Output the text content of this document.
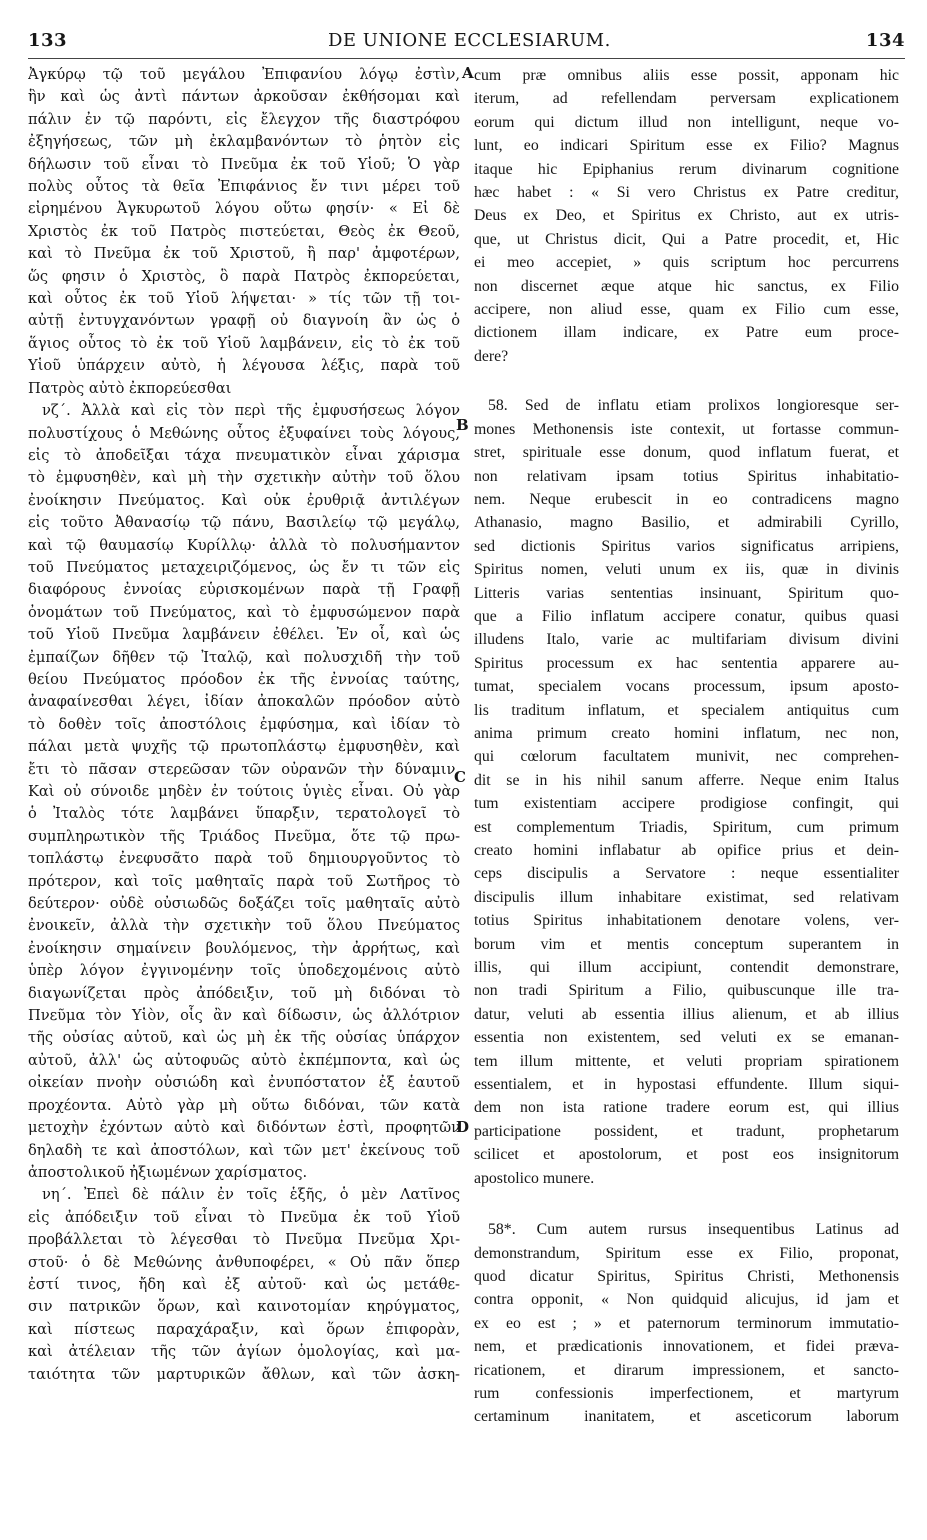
133	DE UNIONE ECCLESIARUM.	134
A
B
C
D
Ἀγκύρῳ τῷ τοῦ μεγάλου Ἐπιφανίου λόγῳ ἐστὶν,
ἣν καὶ ὡς ἀντὶ πάντων ἀρκοῦσαν ἐκθήσομαι καὶ
πάλιν ἐν τῷ παρόντι, εἰς ἔλεγχον τῆς διαστρόφου
ἐξηγήσεως, τῶν μὴ ἐκλαμβανόντων τὸ ῥητὸν εἰς
δήλωσιν τοῦ εἶναι τὸ Πνεῦμα ἐκ τοῦ Υἱοῦ; Ὁ γὰρ
πολὺς οὗτος τὰ θεῖα Ἐπιφάνιος ἔν τινι μέρει τοῦ
εἰρημένου Ἀγκυρωτοῦ λόγου οὕτω φησίν· « Εἰ δὲ
Χριστὸς ἐκ τοῦ Πατρὸς πιστεύεται, Θεὸς ἐκ Θεοῦ,
καὶ τὸ Πνεῦμα ἐκ τοῦ Χριστοῦ, ἢ παρ' ἀμφοτέρων,
ὥς φησιν ὁ Χριστὸς, ὃ παρὰ Πατρὸς ἐκπορεύεται,
καὶ οὗτος ἐκ τοῦ Υἱοῦ λήψεται· » τίς τῶν τῇ τοι-
αὐτῇ ἐντυγχανόντων γραφῇ οὐ διαγνοίη ἂν ὡς ὁ
ἅγιος οὗτος τὸ ἐκ τοῦ Υἱοῦ λαμβάνειν, εἰς τὸ ἐκ τοῦ
Υἱοῦ ὑπάρχειν αὐτὸ, ἡ λέγουσα λέξις, παρὰ τοῦ
Πατρὸς αὐτὸ ἐκπορεύεσθαι
νζ΄. Ἀλλὰ καὶ εἰς τὸν περὶ τῆς ἐμφυσήσεως λόγον
πολυστίχους ὁ Μεθώνης οὗτος ἐξυφαίνει τοὺς λόγους,
εἰς τὸ ἀποδεῖξαι τάχα πνευματικὸν εἶναι χάρισμα
τὸ ἐμφυσηθὲν, καὶ μὴ τὴν σχετικὴν αὐτὴν τοῦ ὅλου
ἐνοίκησιν Πνεύματος. Καὶ οὐκ ἐρυθριᾷ ἀντιλέγων
εἰς τοῦτο Ἀθανασίῳ τῷ πάνυ, Βασιλείῳ τῷ μεγάλῳ,
καὶ τῷ θαυμασίῳ Κυρίλλῳ· ἀλλὰ τὸ πολυσήμαντον
τοῦ Πνεύματος μεταχειριζόμενος, ὡς ἔν τι τῶν εἰς
διαφόρους ἐννοίας εὑρισκομένων παρὰ τῇ Γραφῇ
ὀνομάτων τοῦ Πνεύματος, καὶ τὸ ἐμφυσώμενον παρὰ
τοῦ Υἱοῦ Πνεῦμα λαμβάνειν ἐθέλει. Ἐν οἷ, καὶ ὡς
ἐμπαίζων δῆθεν τῷ Ἰταλῷ, καὶ πολυσχιδῆ τὴν τοῦ
θείου Πνεύματος πρόοδον ἐκ τῆς ἐννοίας ταύτης,
ἀναφαίνεσθαι λέγει, ἰδίαν ἀποκαλῶν πρόοδον αὐτὸ
τὸ δοθὲν τοῖς ἀποστόλοις ἐμφύσημα, καὶ ἰδίαν τὸ
πάλαι μετὰ ψυχῆς τῷ πρωτοπλάστῳ ἐμφυσηθὲν, καὶ
ἔτι τὸ πᾶσαν στερεῶσαν τῶν οὐρανῶν τὴν δύναμιν.
Καὶ οὐ σύνοιδε μηδὲν ἐν τούτοις ὑγιὲς εἶναι. Οὐ γὰρ
ὁ Ἰταλὸς τότε λαμβάνει ὕπαρξιν, τερατολογεῖ τὸ
συμπληρωτικὸν τῆς Τριάδος Πνεῦμα, ὅτε τῷ πρω-
τοπλάστῳ ἐνεφυσᾶτο παρὰ τοῦ δημιουργοῦντος τὸ
πρότερον, καὶ τοῖς μαθηταῖς παρὰ τοῦ Σωτῆρος τὸ
δεύτερον· οὐδὲ οὐσιωδῶς δοξάζει τοῖς μαθηταῖς αὐτὸ
ἐνοικεῖν, ἀλλὰ τὴν σχετικὴν τοῦ ὅλου Πνεύματος
ἐνοίκησιν σημαίνειν βουλόμενος, τὴν ἀρρήτως, καὶ
ὑπὲρ λόγον ἐγγινομένην τοῖς ὑποδεχομένοις αὐτὸ
διαγωνίζεται πρὸς ἀπόδειξιν, τοῦ μὴ διδόναι τὸ
Πνεῦμα τὸν Υἱὸν, οἷς ἂν καὶ δίδωσιν, ὡς ἀλλότριον
τῆς οὐσίας αὐτοῦ, καὶ ὡς μὴ ἐκ τῆς οὐσίας ὑπάρχον
αὐτοῦ, ἀλλ' ὡς αὐτοφυῶς αὐτὸ ἐκπέμποντα, καὶ ὡς
οἰκείαν πνοὴν οὐσιώδη καὶ ἐνυπόστατον ἐξ ἑαυτοῦ
προχέοντα. Αὐτὸ γὰρ μὴ οὕτω διδόναι, τῶν κατὰ
μετοχὴν ἐχόντων αὐτὸ καὶ διδόντων ἐστὶ, προφητῶν
δηλαδὴ τε καὶ ἀποστόλων, καὶ τῶν μετ' ἐκείνους τοῦ
ἀποστολικοῦ ἠξιωμένων χαρίσματος.
νη΄. Ἐπεὶ δὲ πάλιν ἐν τοῖς ἑξῆς, ὁ μὲν Λατῖνος
εἰς ἀπόδειξιν τοῦ εἶναι τὸ Πνεῦμα ἐκ τοῦ Υἱοῦ
προβάλλεται τὸ λέγεσθαι τὸ Πνεῦμα Πνεῦμα Χρι-
στοῦ· ὁ δὲ Μεθώνης ἀνθυποφέρει, « Οὐ πᾶν ὅπερ
ἐστί τινος, ἤδη καὶ ἐξ αὐτοῦ· καὶ ὡς μετάθε-
σιν πατρικῶν ὅρων, καὶ καινοτομίαν κηρύγματος,
καὶ πίστεως παραχάραξιν, καὶ ὅρων ἐπιφορὰν,
καὶ ἀτέλειαν τῆς τῶν ἁγίων ὁμολογίας, καὶ μα-
ταιότητα τῶν μαρτυρικῶν ἄθλων, καὶ τῶν ἀσκη-
cum præ omnibus aliis esse possit, apponam hic
iterum, ad refellendam perversam explicationem
eorum qui dictum illud non intelligunt, neque vo-
lunt, eo indicari Spiritum esse ex Filio? Magnus
itaque hic Epiphanius rerum divinarum cognitione
hæc habet : « Si vero Christus ex Patre creditur,
Deus ex Deo, et Spiritus ex Christo, aut ex utris-
que, ut Christus dicit, Qui a Patre procedit, et, Hic
ei meo accepiet, » quis scriptum hoc percurrens
non discernet æque atque hic sanctus, ex Filio
accipere, non aliud esse, quam ex Filio cum esse,
dictionem illam indicare, ex Patre eum proce-
dere?
58. Sed de inflatu etiam prolixos longioresque ser-
mones Methonensis iste contexit, ut fortasse commun-
stret, spirituale esse donum, quod inflatum fuerat, et
non relativam ipsam totius Spiritus inhabitatio-
nem. Neque erubescit in eo contradicens magno
Athanasio, magno Basilio, et admirabili Cyrillo,
sed dictionis Spiritus varios significatus arripiens,
Spiritus nomen, veluti unum ex iis, quæ in divinis
Litteris varias sententias insinuant, Spiritum quo-
que a Filio inflatum accipere conatur, quibus quasi
illudens Italo, varie ac multifariam divisum divini
Spiritus processum ex hac sententia apparere au-
tumat, specialem vocans processum, ipsum aposto-
lis traditum inflatum, et specialem antiquitus cum
anima primum creato homini inflatum, nec non,
qui cœlorum facultatem munivit, nec comprehen-
dit se in his nihil sanum afferre. Neque enim Italus
tum existentiam accipere prodigiose confingit, qui
est complementum Triadis, Spiritum, cum primum
creato homini inflabatur ab opifice prius et dein-
ceps discipulis a Servatore : neque essentialiter
discipulis illum inhabitare existimat, sed relativam
totius Spiritus inhabitationem denotare volens, ver-
borum vim et mentis conceptum superantem in
illis, qui illum accipiunt, contendit demonstrare,
non tradi Spiritum a Filio, quibuscunque ille tra-
datur, veluti ab essentia illius alienum, et ab illius
essentia non existentem, sed veluti ex se emanan-
tem illum mittente, et veluti propriam spirationem
essentialem, et in hypostasi effundente. Illum siqui-
dem non ista ratione tradere eorum est, qui illius
participatione possident, et tradunt, prophetarum
scilicet et apostolorum, et post eos insignitorum
apostolico munere.
58*. Cum autem rursus insequentibus Latinus ad
demonstrandum, Spiritum esse ex Filio, proponat,
quod dicatur Spiritus, Spiritus Christi, Methonensis
contra opponit, « Non quidquid alicujus, id jam et
ex eo est ; » et paternorum terminorum immutatio-
nem, et prædicationis innovationem, et fidei præva-
ricationem, et dirarum impressionem, et sancto-
rum confessionis imperfectionem, et martyrum
certaminum inanitatem, et asceticorum laborum
